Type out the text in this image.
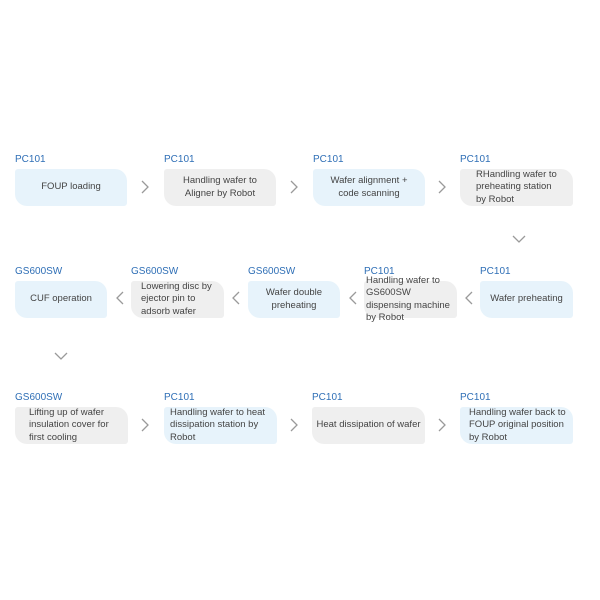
PC101
FOUP loading
PC101
Handling wafer to Aligner by Robot
PC101
Wafer alignment + code scanning
PC101
RHandling wafer to preheating station by Robot
GS600SW
CUF operation
GS600SW
Lowering disc by ejector pin to adsorb wafer
GS600SW
Wafer double preheating
PC101
Handling wafer to GS600SW dispensing machine by Robot
PC101
Wafer preheating
GS600SW
Lifting up of wafer insulation cover for first cooling
PC101
Handling wafer to heat dissipation station by Robot
PC101
Heat dissipation of wafer
PC101
Handling wafer back to FOUP original position by Robot
